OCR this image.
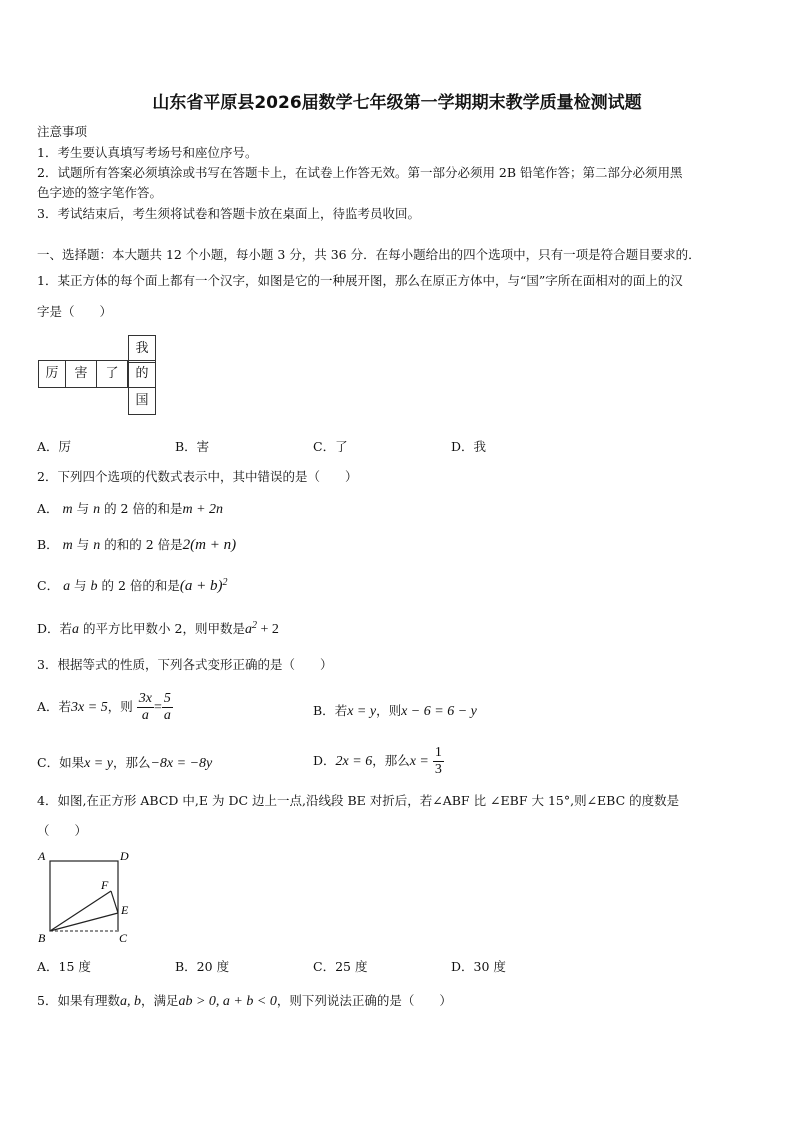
山东省平原县2026届数学七年级第一学期期末教学质量检测试题
注意事项
1．考生要认真填写考场号和座位序号。
2．试题所有答案必须填涂或书写在答题卡上，在试卷上作答无效。第一部分必须用 2B 铅笔作答；第二部分必须用黑
色字迹的签字笔作答。
3．考试结束后，考生须将试卷和答题卡放在桌面上，待监考员收回。
一、选择题：本大题共 12 个小题，每小题 3 分，共 36 分．在每小题给出的四个选项中，只有一项是符合题目要求的．
1．某正方体的每个面上都有一个汉字，如图是它的一种展开图，那么在原正方体中，与“国”字所在面相对的面上的汉
字是（　　）
我
厉	害	了	的
国
A．厉	B．害	C．了	D．我
2．下列四个选项的代数式表示中，其中错误的是（　　）
A． m 与 n 的 2 倍的和是m + 2n
B． m 与 n 的和的 2 倍是2(m + n)
C． a 与 b 的 2 倍的和是$(a + b)^2$
D．若a 的平方比甲数小 2，则甲数是$a^2 + 2$
3．根据等式的性质，下列各式变形正确的是（　　）
A．若3x = 5，则 $\frac{3x}{a} = \frac{5}{a}$	B．若x = y，则x − 6 = 6 − y
C．如果x = y，那么−8x = −8y	D．2x = 6，那么$x = \frac{1}{3}$
4．如图,在正方形 ABCD 中,E 为 DC 边上一点,沿线段 BE 对折后，若∠ABF 比 ∠EBF 大 15°,则∠EBC 的度数是
（　　）
A	D
F
E
B	C
A．15 度	B．20 度	C．25 度	D．30 度
5．如果有理数a, b，满足ab > 0, a + b < 0，则下列说法正确的是（　　）
